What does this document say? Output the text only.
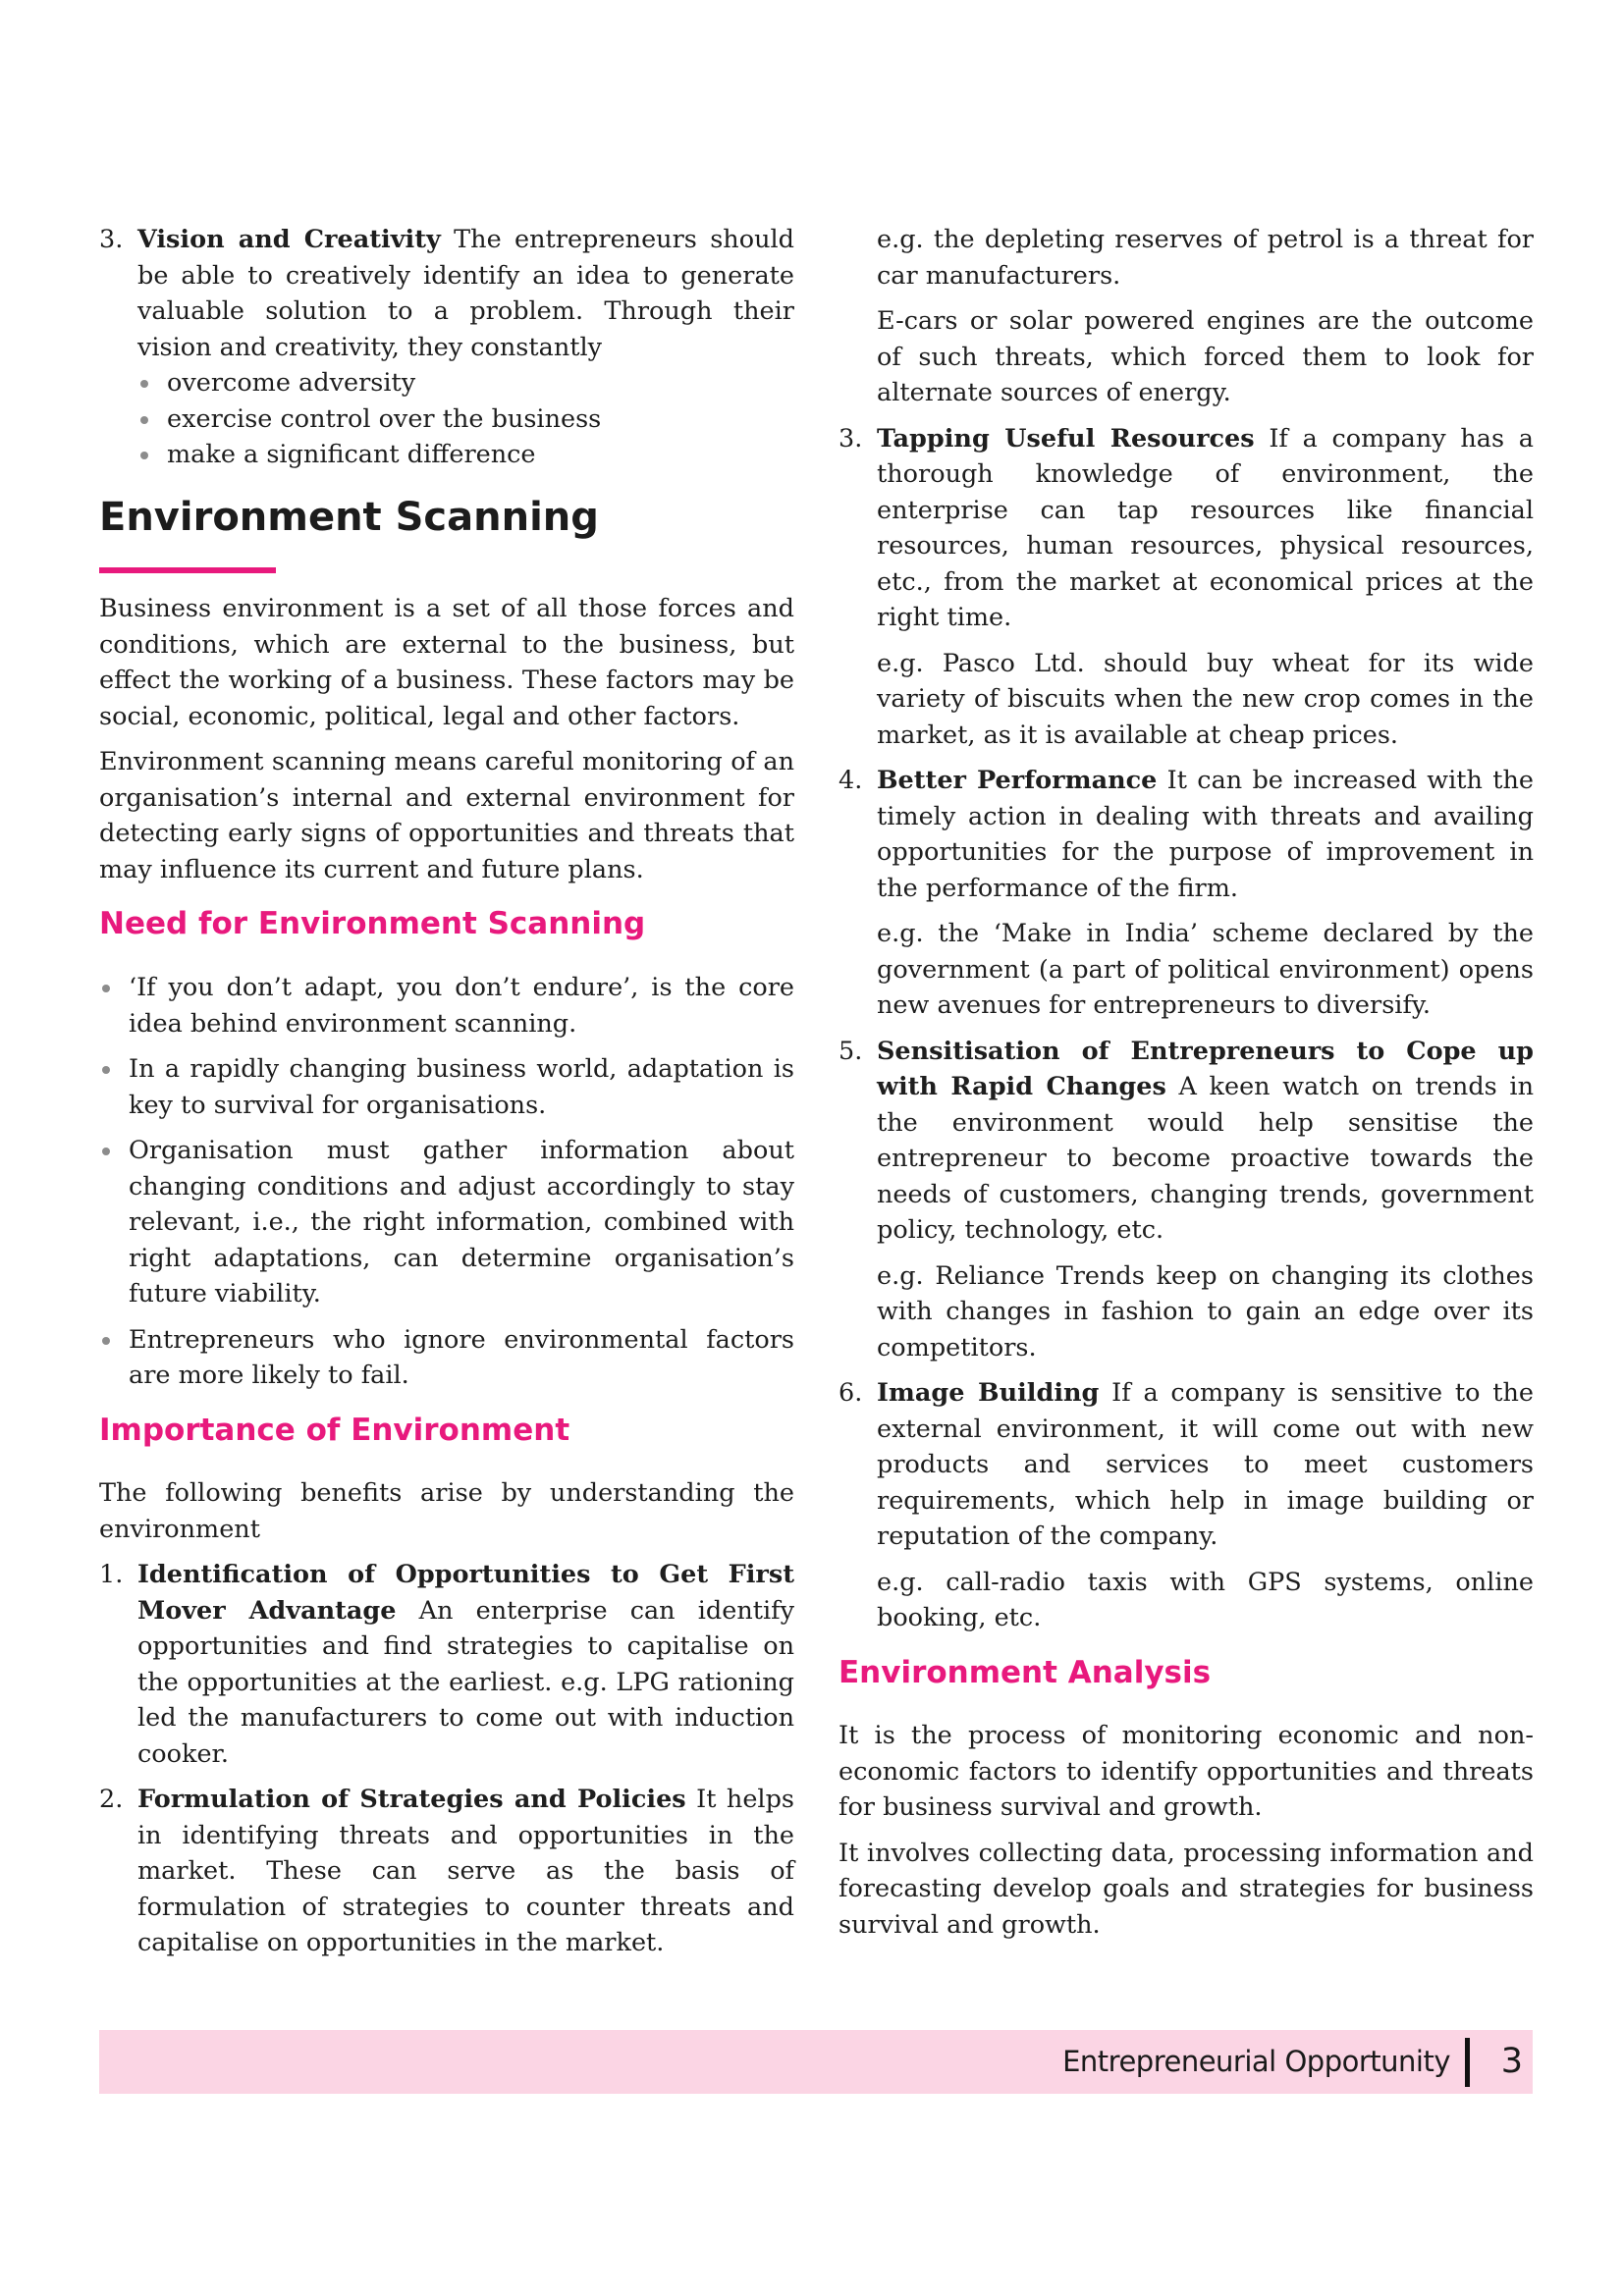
3. Vision and Creativity The entrepreneurs should be able to creatively identify an idea to generate valuable solution to a problem. Through their vision and creativity, they constantly

overcome adversity

exercise control over the business

make a significant difference

Environment Scanning

Business environment is a set of all those forces and conditions, which are external to the business, but effect the working of a business. These factors may be social, economic, political, legal and other factors.

Environment scanning means careful monitoring of an organisation’s internal and external environment for detecting early signs of opportunities and threats that may influence its current and future plans.

Need for Environment Scanning

‘If you don’t adapt, you don’t endure’, is the core idea behind environment scanning.

In a rapidly changing business world, adaptation is key to survival for organisations.

Organisation must gather information about changing conditions and adjust accordingly to stay relevant, i.e., the right information, combined with right adaptations, can determine organisation’s future viability.

Entrepreneurs who ignore environmental factors are more likely to fail.

Importance of Environment

The following benefits arise by understanding the environment

1. Identification of Opportunities to Get First Mover Advantage An enterprise can identify opportunities and find strategies to capitalise on the opportunities at the earliest. e.g. LPG rationing led the manufacturers to come out with induction cooker.

2. Formulation of Strategies and Policies It helps in identifying threats and opportunities in the market. These can serve as the basis of formulation of strategies to counter threats and capitalise on opportunities in the market.

e.g. the depleting reserves of petrol is a threat for car manufacturers.

E-cars or solar powered engines are the outcome of such threats, which forced them to look for alternate sources of energy.

3. Tapping Useful Resources If a company has a thorough knowledge of environment, the enterprise can tap resources like financial resources, human resources, physical resources, etc., from the market at economical prices at the right time.

e.g. Pasco Ltd. should buy wheat for its wide variety of biscuits when the new crop comes in the market, as it is available at cheap prices.

4. Better Performance It can be increased with the timely action in dealing with threats and availing opportunities for the purpose of improvement in the performance of the firm.

e.g. the ‘Make in India’ scheme declared by the government (a part of political environment) opens new avenues for entrepreneurs to diversify.

5. Sensitisation of Entrepreneurs to Cope up with Rapid Changes A keen watch on trends in the environment would help sensitise the entrepreneur to become proactive towards the needs of customers, changing trends, government policy, technology, etc.

e.g. Reliance Trends keep on changing its clothes with changes in fashion to gain an edge over its competitors.

6. Image Building If a company is sensitive to the external environment, it will come out with new products and services to meet customers requirements, which help in image building or reputation of the company.

e.g. call-radio taxis with GPS systems, online booking, etc.

Environment Analysis

It is the process of monitoring economic and non-economic factors to identify opportunities and threats for business survival and growth.

It involves collecting data, processing information and forecasting develop goals and strategies for business survival and growth.

Entrepreneurial Opportunity 3
